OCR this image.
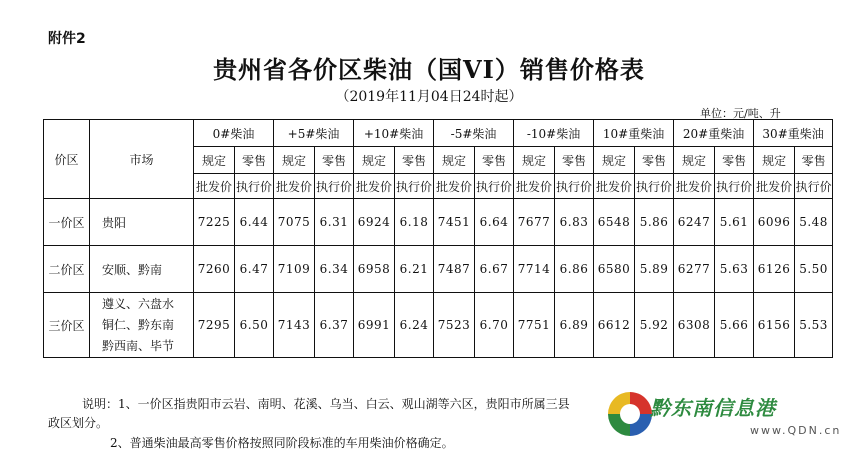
附件2
贵州省各价区柴油（国VI）销售价格表
（2019年11月04日24时起）
单位：元/吨、升
价区	市场	0#柴油		+5#柴油		+10#柴油		-5#柴油		-10#柴油		10#重柴油		20#重柴油		30#重柴油	
		规定	零售	规定	零售	规定	零售	规定	零售	规定	零售	规定	零售	规定	零售	规定	零售
		批发价	执行价	批发价	执行价	批发价	执行价	批发价	执行价	批发价	执行价	批发价	执行价	批发价	执行价	批发价	执行价
一价区	贵阳	7225	6.44	7075	6.31	6924	6.18	7451	6.64	7677	6.83	6548	5.86	6247	5.61	6096	5.48
二价区	安顺、黔南	7260	6.47	7109	6.34	6958	6.21	7487	6.67	7714	6.86	6580	5.89	6277	5.63	6126	5.50
三价区	遵义、六盘水
铜仁、黔东南
黔西南、毕节	7295	6.50	7143	6.37	6991	6.24	7523	6.70	7751	6.89	6612	5.92	6308	5.66	6156	5.53
说明：1、一价区指贵阳市云岩、南明、花溪、乌当、白云、观山湖等六区，贵阳市所属三县
政区划分。
2、普通柴油最高零售价格按照同阶段标准的车用柴油价格确定。
黔东南信息港
www.QDN.cn
